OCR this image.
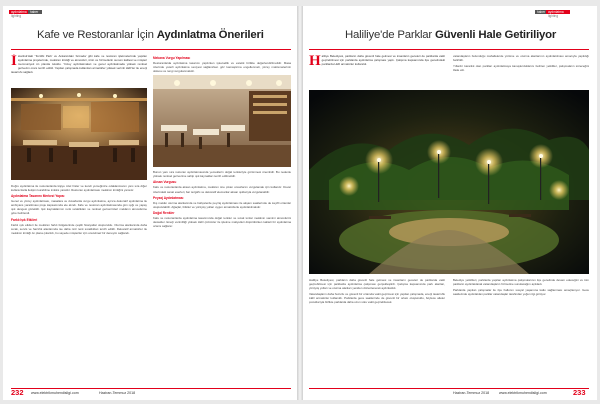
aydınlatma	haber
lighting
Kafe ve Restoranlar İçin Aydınlatma Önerileri
İ stanbul'daki 'Tozdibi Park' ve Ankara'daki 'Armada' gibi kafe ve restoran işletmelerinde yapılan aydınlatma projelerinde, mekânın kimliği ve atmosferi, ürün ve hizmetlerin sunum kalitesi ve müşteri memnuniyeti ön planda tutuldu. Yüzey aydınlatmaları ve genel aydınlatmada yüksek renksel geriverim oranı tercih edildi. Yapılan çalışmada kullanılan armatürler yüksek verimli LED'ler ile enerji tasarrufu sağladı.

Doğru aydınlatma ile restoranlarda kişiye özel hisler ve kendi yemeğinize odaklanmanın yanı sıra diğer kullanıcılarla iletişim kurabilme imkânı yaratılır. Restoran aydınlatması mekânın kimliğini yansıtır.

Aydınlatma Tasarımı Merkezi Yapısı

Genel ve yüzey aydınlatması, masalara ve duvarlarda vurgu aydınlatma, ayrıca dekoratif aydınlatma ile ambiyans yaratılması proje kapsamında ele alındı. Kafe ve restoran aydınlatmasında gün ışığı ve yapay ışık dengesi gözetildi. Işık kaynaklarının renk sıcaklıkları ve renksel geriverimleri mekânın atmosferine göre belirlendi.

Farklı Işık Etkileri

Farklı ışık etkileri ile mekânın farklı bölgelerinde çeşitli hissiyatlar oluşturuldu. Oturma alanlarında daha sıcak, servis ve hazırlık alanlarında ise daha nötr renk sıcaklıkları tercih edildi. Dekoratif armatürler ile mekânın kimliği ön plana çıkarıldı, bu sayede müşteriler için unutulmaz bir deneyim sağlandı.

Mekana Vurgu Yapılması

Restoranlarda aydınlatma tasarımı yapılırken işlevsellik ve estetik birlikte değerlendirilmelidir. Masa üzerinde yeterli aydınlatma seviyesi sağlanırken göz kamaştırma engellenmeli, yüzey malzemelerinin dokusu ve rengi vurgulanmalıdır.

Bunun yanı sıra restoran aydınlatmasında yemeklerin doğal renkleriyle görünmesi önemlidir. Bu nedenle yüksek renksel geriverime sahip ışık kaynakları tercih edilmelidir.

Aksan Vurgusu

Kafe ve restoranlarda aksan aydınlatma, mekânın öne çıkan unsurlarını vurgulamak için kullanılır. Duvar üzerindeki sanat eserleri, bar tezgâhı ve dekoratif elemanlar aksan ışıklarıyla vurgulanabilir.

Peyzaj Aydınlatması

Dış mekân oturma alanlarında ve bahçelerde peyzaj aydınlatması ile akşam saatlerinde de keyifli ortamlar oluşturulabilir. Ağaçlar, bitkiler ve yürüyüş yolları uygun armatürlerle aydınlatılmalıdır.

Doğal Renkler

Kafe ve restoranlarda aydınlatma tasarımında doğal renkler ve sıcak tonlar mekânın samimi atmosferini destekler. Enerji verimliliği yüksek LED çözümler ile işletme maliyetleri düşürülürken kaliteli bir aydınlatma ortamı sağlanır.

232 www.elektrikmuhendisligi.com	Haziran-Temmuz 2018
haber aydınlatma
lighting
Haliliye'de Parklar Güvenli Hale Getiriliyor
H aliliye Belediyesi, parkların daha güvenli hale gelmesi ve insanların geceleri de parklarda vakit geçirebilmesi için parklarda aydınlatma çalışması yaptı. Çalışma kapsamında ilçe genelindeki parklarda LED armatürler kullanıldı.

vatandaşların bulunduğu mahallelerde yürüme ve oturma alanlarının aydınlatılması amacıyla yapıldığı belirtildi.

Yıllardır karanlık olan parkları aydınlatmaya kavuşturduklarını belirten yetkililer, çalışmaların süreceğini ifade etti.

Haliliye Belediyesi, parkların daha güvenli hale gelmesi ve insanların geceleri de parklarda vakit geçirebilmesi için parklarda aydınlatma çalışması gerçekleştirdi. Çalışma kapsamında park alanları, yürüyüş yolları ve oturma alanları yeniden düzenlenerek aydınlatıldı.

Vatandaşların daha huzurlu ve güvenli bir ortamda vakit geçirmesi için yapılan çalışmada, enerji tasarruflu LED armatürler kullanıldı. Parklarda gece saatlerinde de güvenli bir ortam oluşturuldu, böylece aileler çocuklarıyla birlikte parklarda daha uzun süre vakit geçirebilecek.

Belediye yetkilileri, parklarda yapılan aydınlatma çalışmalarının ilçe genelinde devam edeceğini ve tüm parkların aydınlatılarak vatandaşların hizmetine sunulacağını açıkladı.

Parklarda yapılan çalışmalar ile ilçe halkının sosyal yaşamına katkı sağlanması amaçlanıyor. Gece saatlerinde aydınlatılan parklar vatandaşlar tarafından yoğun ilgi görüyor.

Haziran-Temmuz 2018	www.elektrikmuhendisligi.com	233
